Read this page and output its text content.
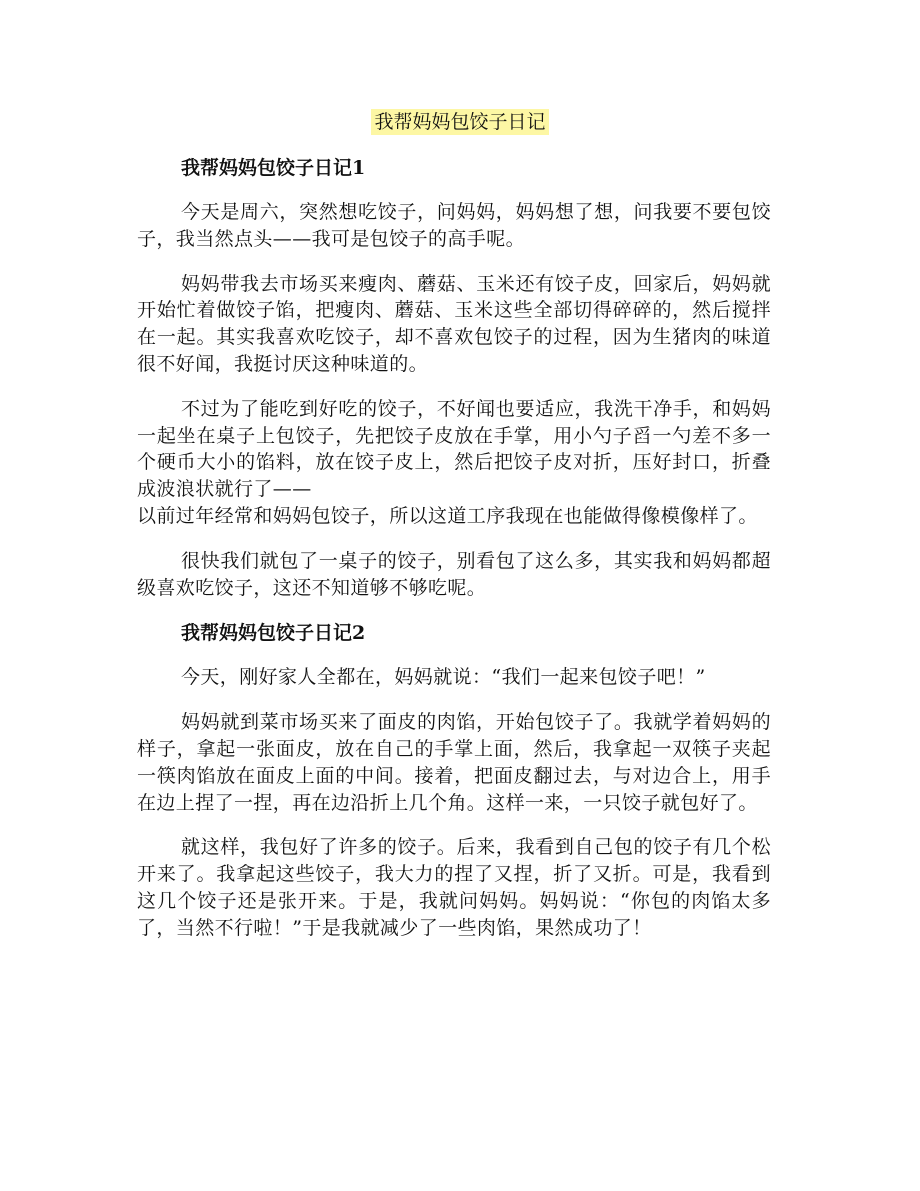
我帮妈妈包饺子日记
我帮妈妈包饺子日记1

今天是周六，突然想吃饺子，问妈妈，妈妈想了想，问我要不要包饺子，我当然点头——我可是包饺子的高手呢。

妈妈带我去市场买来瘦肉、蘑菇、玉米还有饺子皮，回家后，妈妈就开始忙着做饺子馅，把瘦肉、蘑菇、玉米这些全部切得碎碎的，然后搅拌在一起。其实我喜欢吃饺子，却不喜欢包饺子的过程，因为生猪肉的味道很不好闻，我挺讨厌这种味道的。

不过为了能吃到好吃的饺子，不好闻也要适应，我洗干净手，和妈妈一起坐在桌子上包饺子，先把饺子皮放在手掌，用小勺子舀一勺差不多一个硬币大小的馅料，放在饺子皮上，然后把饺子皮对折，压好封口，折叠成波浪状就行了——

以前过年经常和妈妈包饺子，所以这道工序我现在也能做得像模像样了。

很快我们就包了一桌子的饺子，别看包了这么多，其实我和妈妈都超级喜欢吃饺子，这还不知道够不够吃呢。

我帮妈妈包饺子日记2

今天，刚好家人全都在，妈妈就说：“我们一起来包饺子吧！”

妈妈就到菜市场买来了面皮的肉馅，开始包饺子了。我就学着妈妈的样子，拿起一张面皮，放在自己的手掌上面，然后，我拿起一双筷子夹起一筷肉馅放在面皮上面的中间。接着，把面皮翻过去，与对边合上，用手在边上捏了一捏，再在边沿折上几个角。这样一来，一只饺子就包好了。

就这样，我包好了许多的饺子。后来，我看到自己包的饺子有几个松开来了。我拿起这些饺子，我大力的捏了又捏，折了又折。可是，我看到这几个饺子还是张开来。于是，我就问妈妈。妈妈说：“你包的肉馅太多了，当然不行啦！”于是我就减少了一些肉馅，果然成功了！
